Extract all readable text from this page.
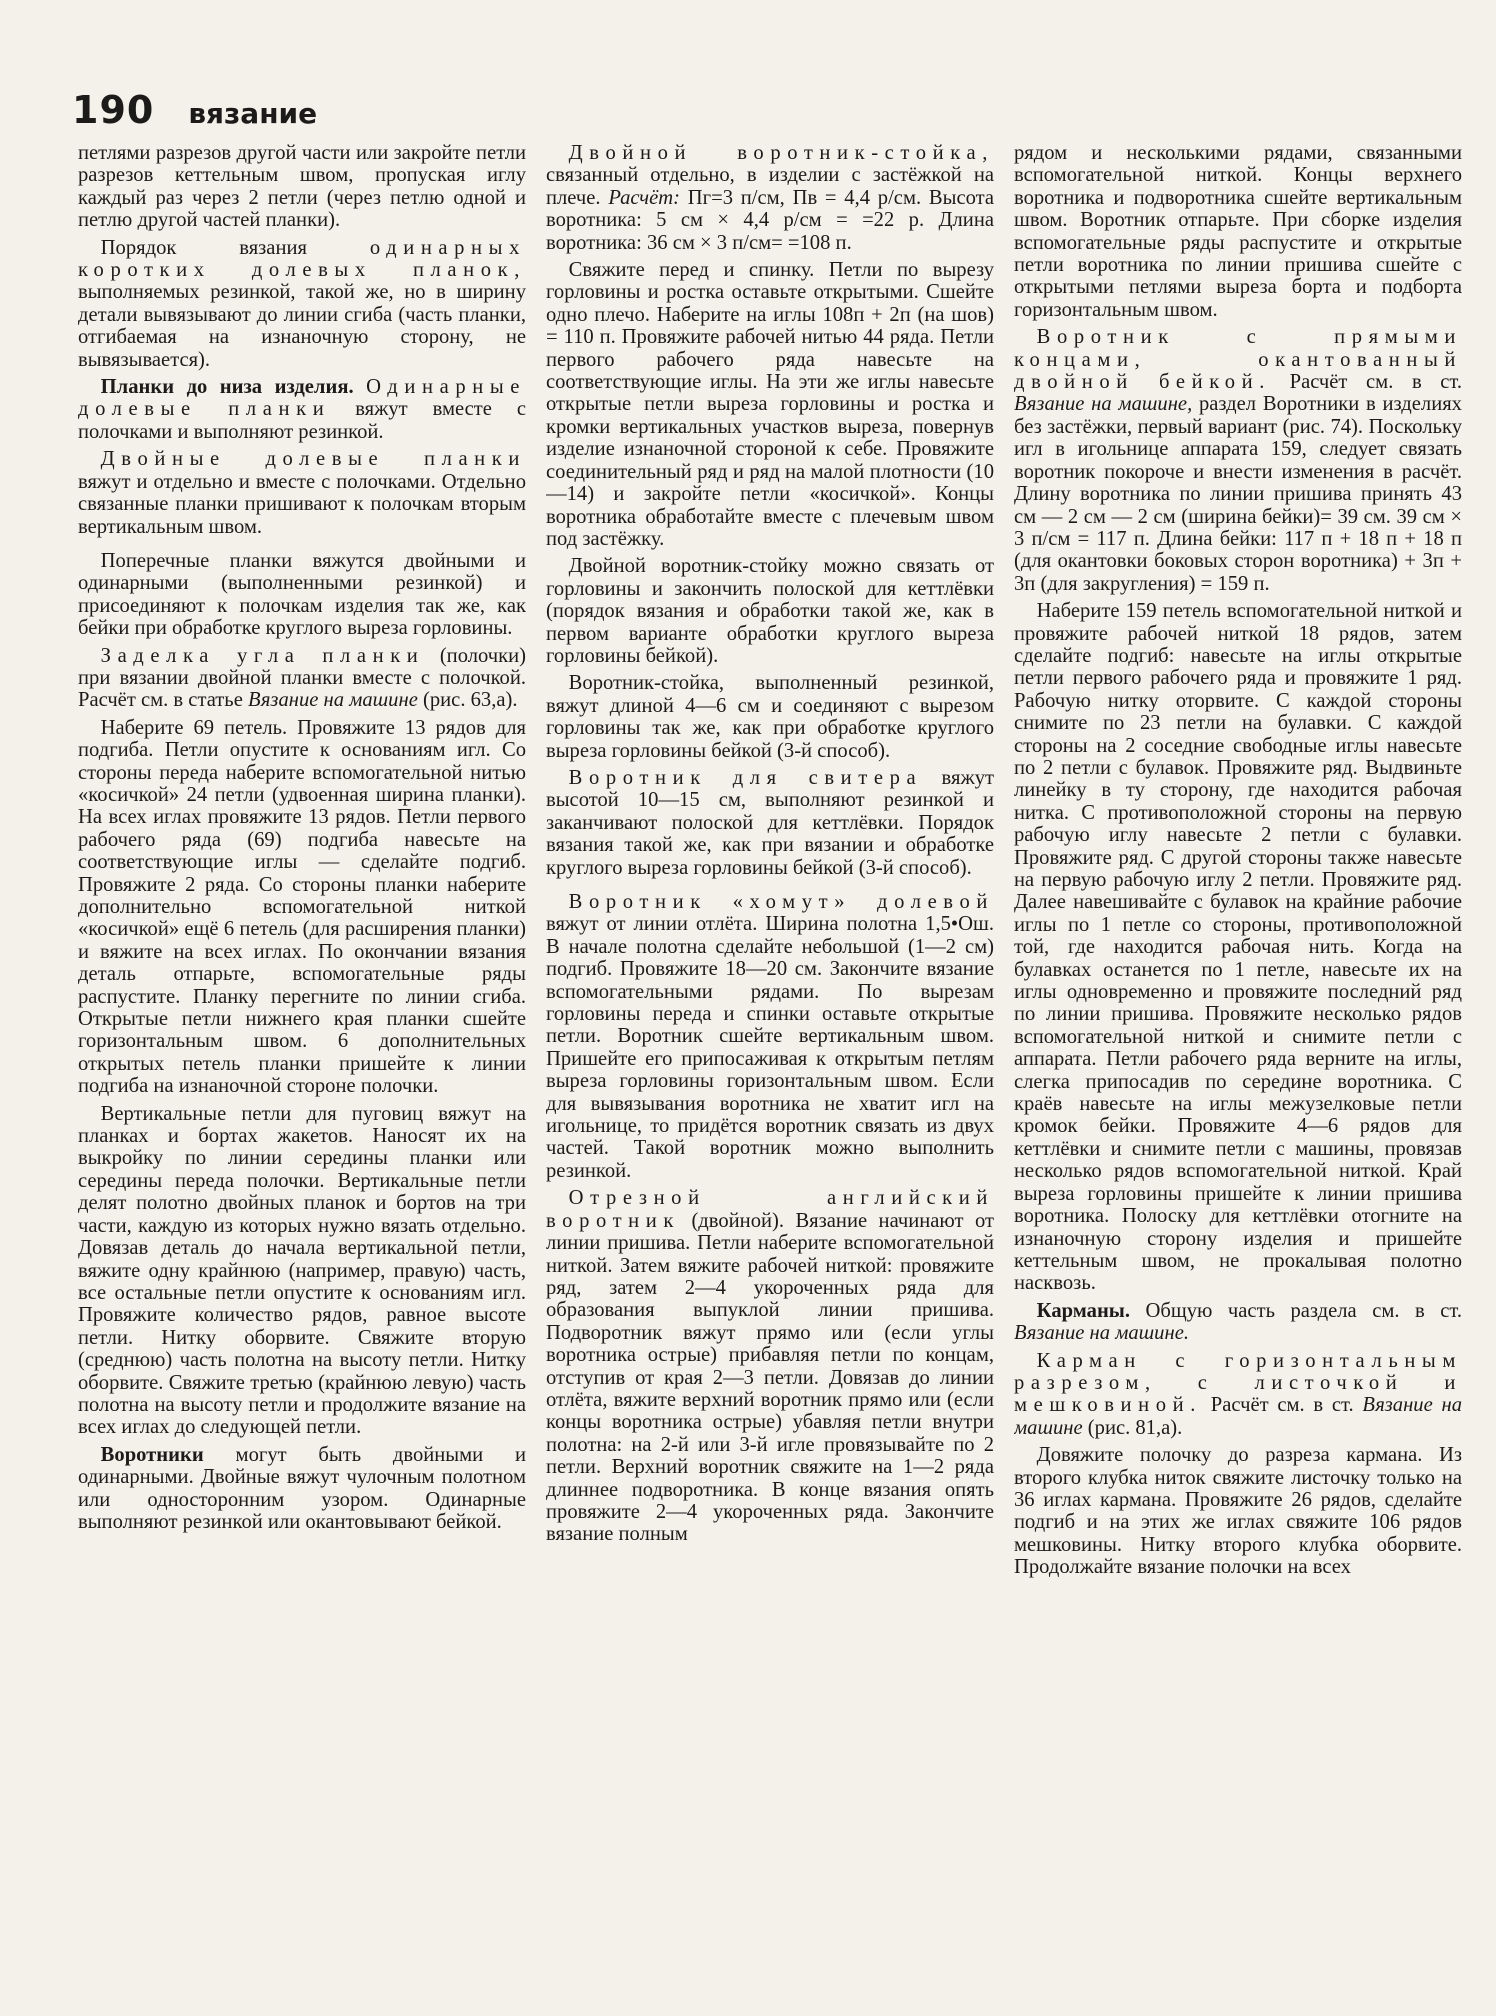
190 вязание

петлями разрезов другой части или закройте петли разрезов кеттельным швом, пропуская иглу каждый раз через 2 петли (через петлю одной и петлю другой частей планки).

Порядок вязания	одинарных коротких долевых планок, выполняемых резинкой, такой же, но в ширину детали вывязывают до линии сгиба (часть планки, отгибаемая на изнаночную сторону, не вывязывается).

Планки до низа изделия. Одинарные долевые планки вяжут вместе с полочками и выполняют резинкой.

Двойные долевые планки вяжут и отдельно и вместе с полочками. Отдельно связанные планки пришивают к полочкам вторым вертикальным швом.

Поперечные планки вяжутся двойными и одинарными (выполненными резинкой) и присоединяют к полочкам изделия так же, как бейки при обработке круглого выреза горловины.

Заделка угла планки (полочки) при вязании двойной планки вместе с полочкой. Расчёт см. в статье Вязание на машине (рис. 63,а).

Наберите 69 петель. Провяжите 13 рядов для подгиба. Петли опустите к основаниям игл. Со стороны переда наберите вспомогательной нитью «косичкой» 24 петли (удвоенная ширина планки). На всех иглах провяжите 13 рядов. Петли первого рабочего ряда (69) подгиба навесьте на соответствующие иглы — сделайте подгиб. Провяжите 2 ряда. Со стороны планки наберите дополнительно вспомогательной ниткой «косичкой» ещё 6 петель (для расширения планки) и вяжите на всех иглах. По окончании вязания деталь отпарьте, вспомогательные ряды распустите. Планку перегните по линии сгиба. Открытые петли нижнего края планки сшейте горизонтальным швом. 6 дополнительных открытых петель планки пришейте к линии подгиба на изнаночной стороне полочки.

Вертикальные петли для пуговиц вяжут на планках и бортах жакетов. Наносят их на выкройку по линии середины планки или середины переда полочки. Вертикальные петли делят полотно двойных планок и бортов на три части, каждую из которых нужно вязать отдельно. Довязав деталь до начала вертикальной петли, вяжите одну крайнюю (например, правую) часть, все остальные петли опустите к основаниям игл. Провяжите количество рядов, равное высоте петли. Нитку оборвите. Свяжите вторую (среднюю) часть полотна на высоту петли. Нитку оборвите. Свяжите третью (крайнюю левую) часть полотна на высоту петли и продолжите вязание на всех иглах до следующей петли.

Воротники могут быть двойными и одинарными. Двойные вяжут чулочным полотном или односторонним узором. Одинарные выполняют резинкой или окантовывают бейкой.

Двойной воротник-стойка, связанный отдельно, в изделии с застёжкой на плече. Расчёт: Пг=3 п/см, Пв = 4,4 р/см. Высота воротника: 5 см × 4,4 р/см = =22 р. Длина воротника: 36 см × 3 п/см= =108 п.

Свяжите перед и спинку. Петли по вырезу горловины и ростка оставьте открытыми. Сшейте одно плечо. Наберите на иглы 108п + 2п (на шов) = 110 п. Провяжите рабочей нитью 44 ряда. Петли первого рабочего ряда навесьте на соответствующие иглы. На эти же иглы навесьте открытые петли выреза горловины и ростка и кромки вертикальных участков выреза, повернув изделие изнаночной стороной к себе. Провяжите соединительный ряд и ряд на малой плотности (10—14) и закройте петли «косичкой». Концы воротника обработайте вместе с плечевым швом под застёжку.

Двойной воротник-стойку можно связать от горловины и закончить полоской для кеттлёвки (порядок вязания и обработки такой же, как в первом варианте обработки круглого выреза горловины бейкой).

Воротник-стойка, выполненный резинкой, вяжут длиной 4—6 см и соединяют с вырезом горловины так же, как при обработке круглого выреза горловины бейкой (3-й способ).

Воротник для свитера вяжут высотой 10—15 см, выполняют резинкой и заканчивают полоской для кеттлёвки. Порядок вязания такой же, как при вязании и обработке круглого выреза горловины бейкой (3-й способ).

Воротник «хомут» долевой вяжут от линии отлёта. Ширина полотна 1,5•Ош. В начале полотна сделайте небольшой (1—2 см) подгиб. Провяжите 18—20 см. Закончите вязание вспомогательными рядами. По вырезам горловины переда и спинки оставьте открытые петли. Воротник сшейте вертикальным швом. Пришейте его припосаживая к открытым петлям выреза горловины горизонтальным швом. Если для вывязывания воротника не хватит игл на игольнице, то придётся воротник связать из двух частей. Такой воротник можно выполнить резинкой.

Отрезной английский воротник (двойной). Вязание начинают от линии пришива. Петли наберите вспомогательной ниткой. Затем вяжите рабочей ниткой: провяжите ряд, затем 2—4 укороченных ряда для образования выпуклой линии пришива. Подворотник вяжут прямо или (если углы воротника острые) прибавляя петли по концам, отступив от края 2—3 петли. Довязав до линии отлёта, вяжите верхний воротник прямо или (если концы воротника острые) убавляя петли внутри полотна: на 2-й или 3-й игле провязывайте по 2 петли. Верхний воротник свяжите на 1—2 ряда длиннее подворотника. В конце вязания опять провяжите 2—4 укороченных ряда. Закончите вязание полным

рядом и несколькими рядами, связанными вспомогательной ниткой. Концы верхнего воротника и подворотника сшейте вертикальным швом. Воротник отпарьте. При сборке изделия вспомогательные ряды распустите и открытые петли воротника по линии пришива сшейте с открытыми петлями выреза борта и подборта горизонтальным швом.

Воротник с прямыми концами, окантованный двойной бейкой. Расчёт см. в ст. Вязание на машине, раздел Воротники в изделиях без застёжки, первый вариант (рис. 74). Поскольку игл в игольнице аппарата 159, следует связать воротник покороче и внести изменения в расчёт. Длину воротника по линии пришива принять 43 см — 2 см — 2 см (ширина бейки)= 39 см. 39 см × 3 п/см = 117 п. Длина бейки: 117 п + 18 п + 18 п (для окантовки боковых сторон воротника) + 3п + 3п (для закругления) = 159 п.

Наберите 159 петель вспомогательной ниткой и провяжите рабочей ниткой 18 рядов, затем сделайте подгиб: навесьте на иглы открытые петли первого рабочего ряда и провяжите 1 ряд. Рабочую нитку оторвите. С каждой стороны снимите по 23 петли на булавки. С каждой стороны на 2 соседние свободные иглы навесьте по 2 петли с булавок. Провяжите ряд. Выдвиньте линейку в ту сторону, где находится рабочая нитка. С противоположной стороны на первую рабочую иглу навесьте 2 петли с булавки. Провяжите ряд. С другой стороны также навесьте на первую рабочую иглу 2 петли. Провяжите ряд. Далее навешивайте с булавок на крайние рабочие иглы по 1 петле со стороны, противоположной той, где находится рабочая нить. Когда на булавках останется по 1 петле, навесьте их на иглы одновременно и провяжите последний ряд по линии пришива. Провяжите несколько рядов вспомогательной ниткой и снимите петли с аппарата. Петли рабочего ряда верните на иглы, слегка припосадив по середине воротника. С краёв навесьте на иглы межузелковые петли кромок бейки. Провяжите 4—6 рядов для кеттлёвки и снимите петли с машины, провязав несколько рядов вспомогательной ниткой. Край выреза горловины пришейте к линии пришива воротника. Полоску для кеттлёвки отогните на изнаночную сторону изделия и пришейте кеттельным швом, не прокалывая полотно насквозь.

Карманы. Общую часть раздела см. в ст. Вязание на машине.

Карман с горизонтальным разрезом, с листочкой и мешковиной. Расчёт см. в ст. Вязание на машине (рис. 81,а).

Довяжите полочку до разреза кармана. Из второго клубка ниток свяжите листочку только на 36 иглах кармана. Провяжите 26 рядов, сделайте подгиб и на этих же иглах свяжите 106 рядов мешковины. Нитку второго клубка оборвите. Продолжайте вязание полочки на всех
